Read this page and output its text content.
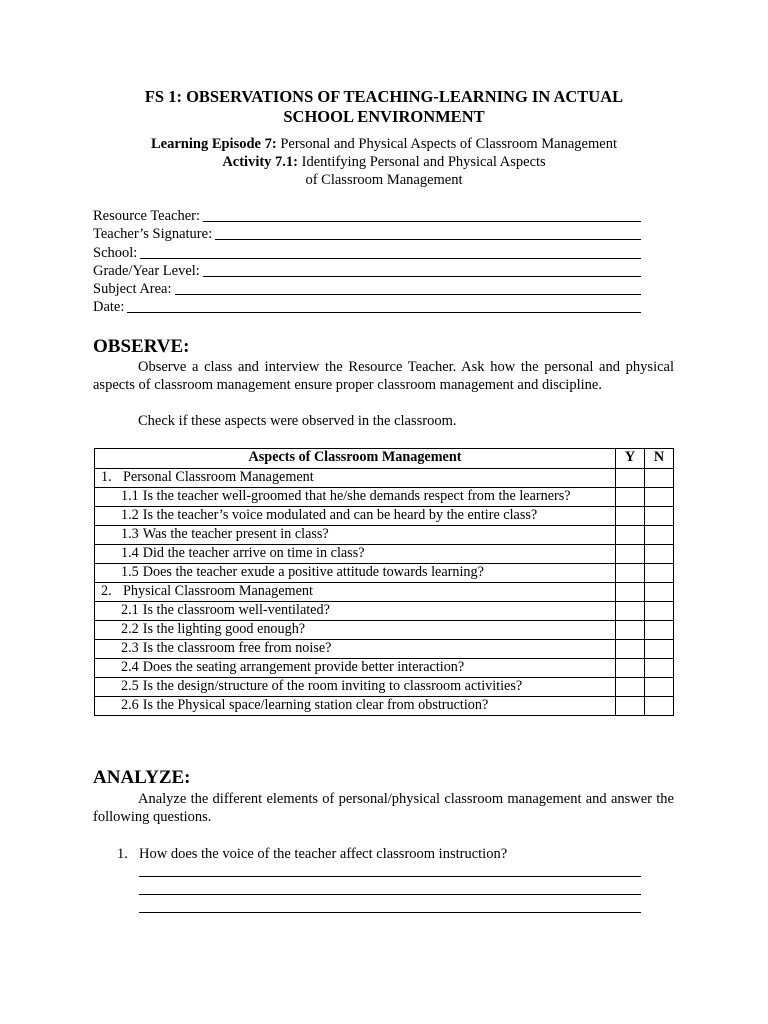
FS 1: OBSERVATIONS OF TEACHING-LEARNING IN ACTUAL
SCHOOL ENVIRONMENT
Learning Episode 7: Personal and Physical Aspects of Classroom Management
Activity 7.1: Identifying Personal and Physical Aspects
of Classroom Management
Resource Teacher:
Teacher’s Signature:
School:
Grade/Year Level:
Subject Area:
Date:
OBSERVE:
Observe a class and interview the Resource Teacher. Ask how the personal and physical aspects of classroom management ensure proper classroom management and discipline.
Check if these aspects were observed in the classroom.
Aspects of Classroom Management	Y	N
1. Personal Classroom Management		

1.1 Is the teacher well-groomed that he/she demands respect from the learners?		

1.2 Is the teacher’s voice modulated and can be heard by the entire class?		

1.3 Was the teacher present in class?		

1.4 Did the teacher arrive on time in class?		

1.5 Does the teacher exude a positive attitude towards learning?		

2. Physical Classroom Management		

2.1 Is the classroom well-ventilated?		

2.2 Is the lighting good enough?		

2.3 Is the classroom free from noise?		

2.4 Does the seating arrangement provide better interaction?		

2.5 Is the design/structure of the room inviting to classroom activities?		

2.6 Is the Physical space/learning station clear from obstruction?		

ANALYZE:
Analyze the different elements of personal/physical classroom management and answer the following questions.
1. How does the voice of the teacher affect classroom instruction?
